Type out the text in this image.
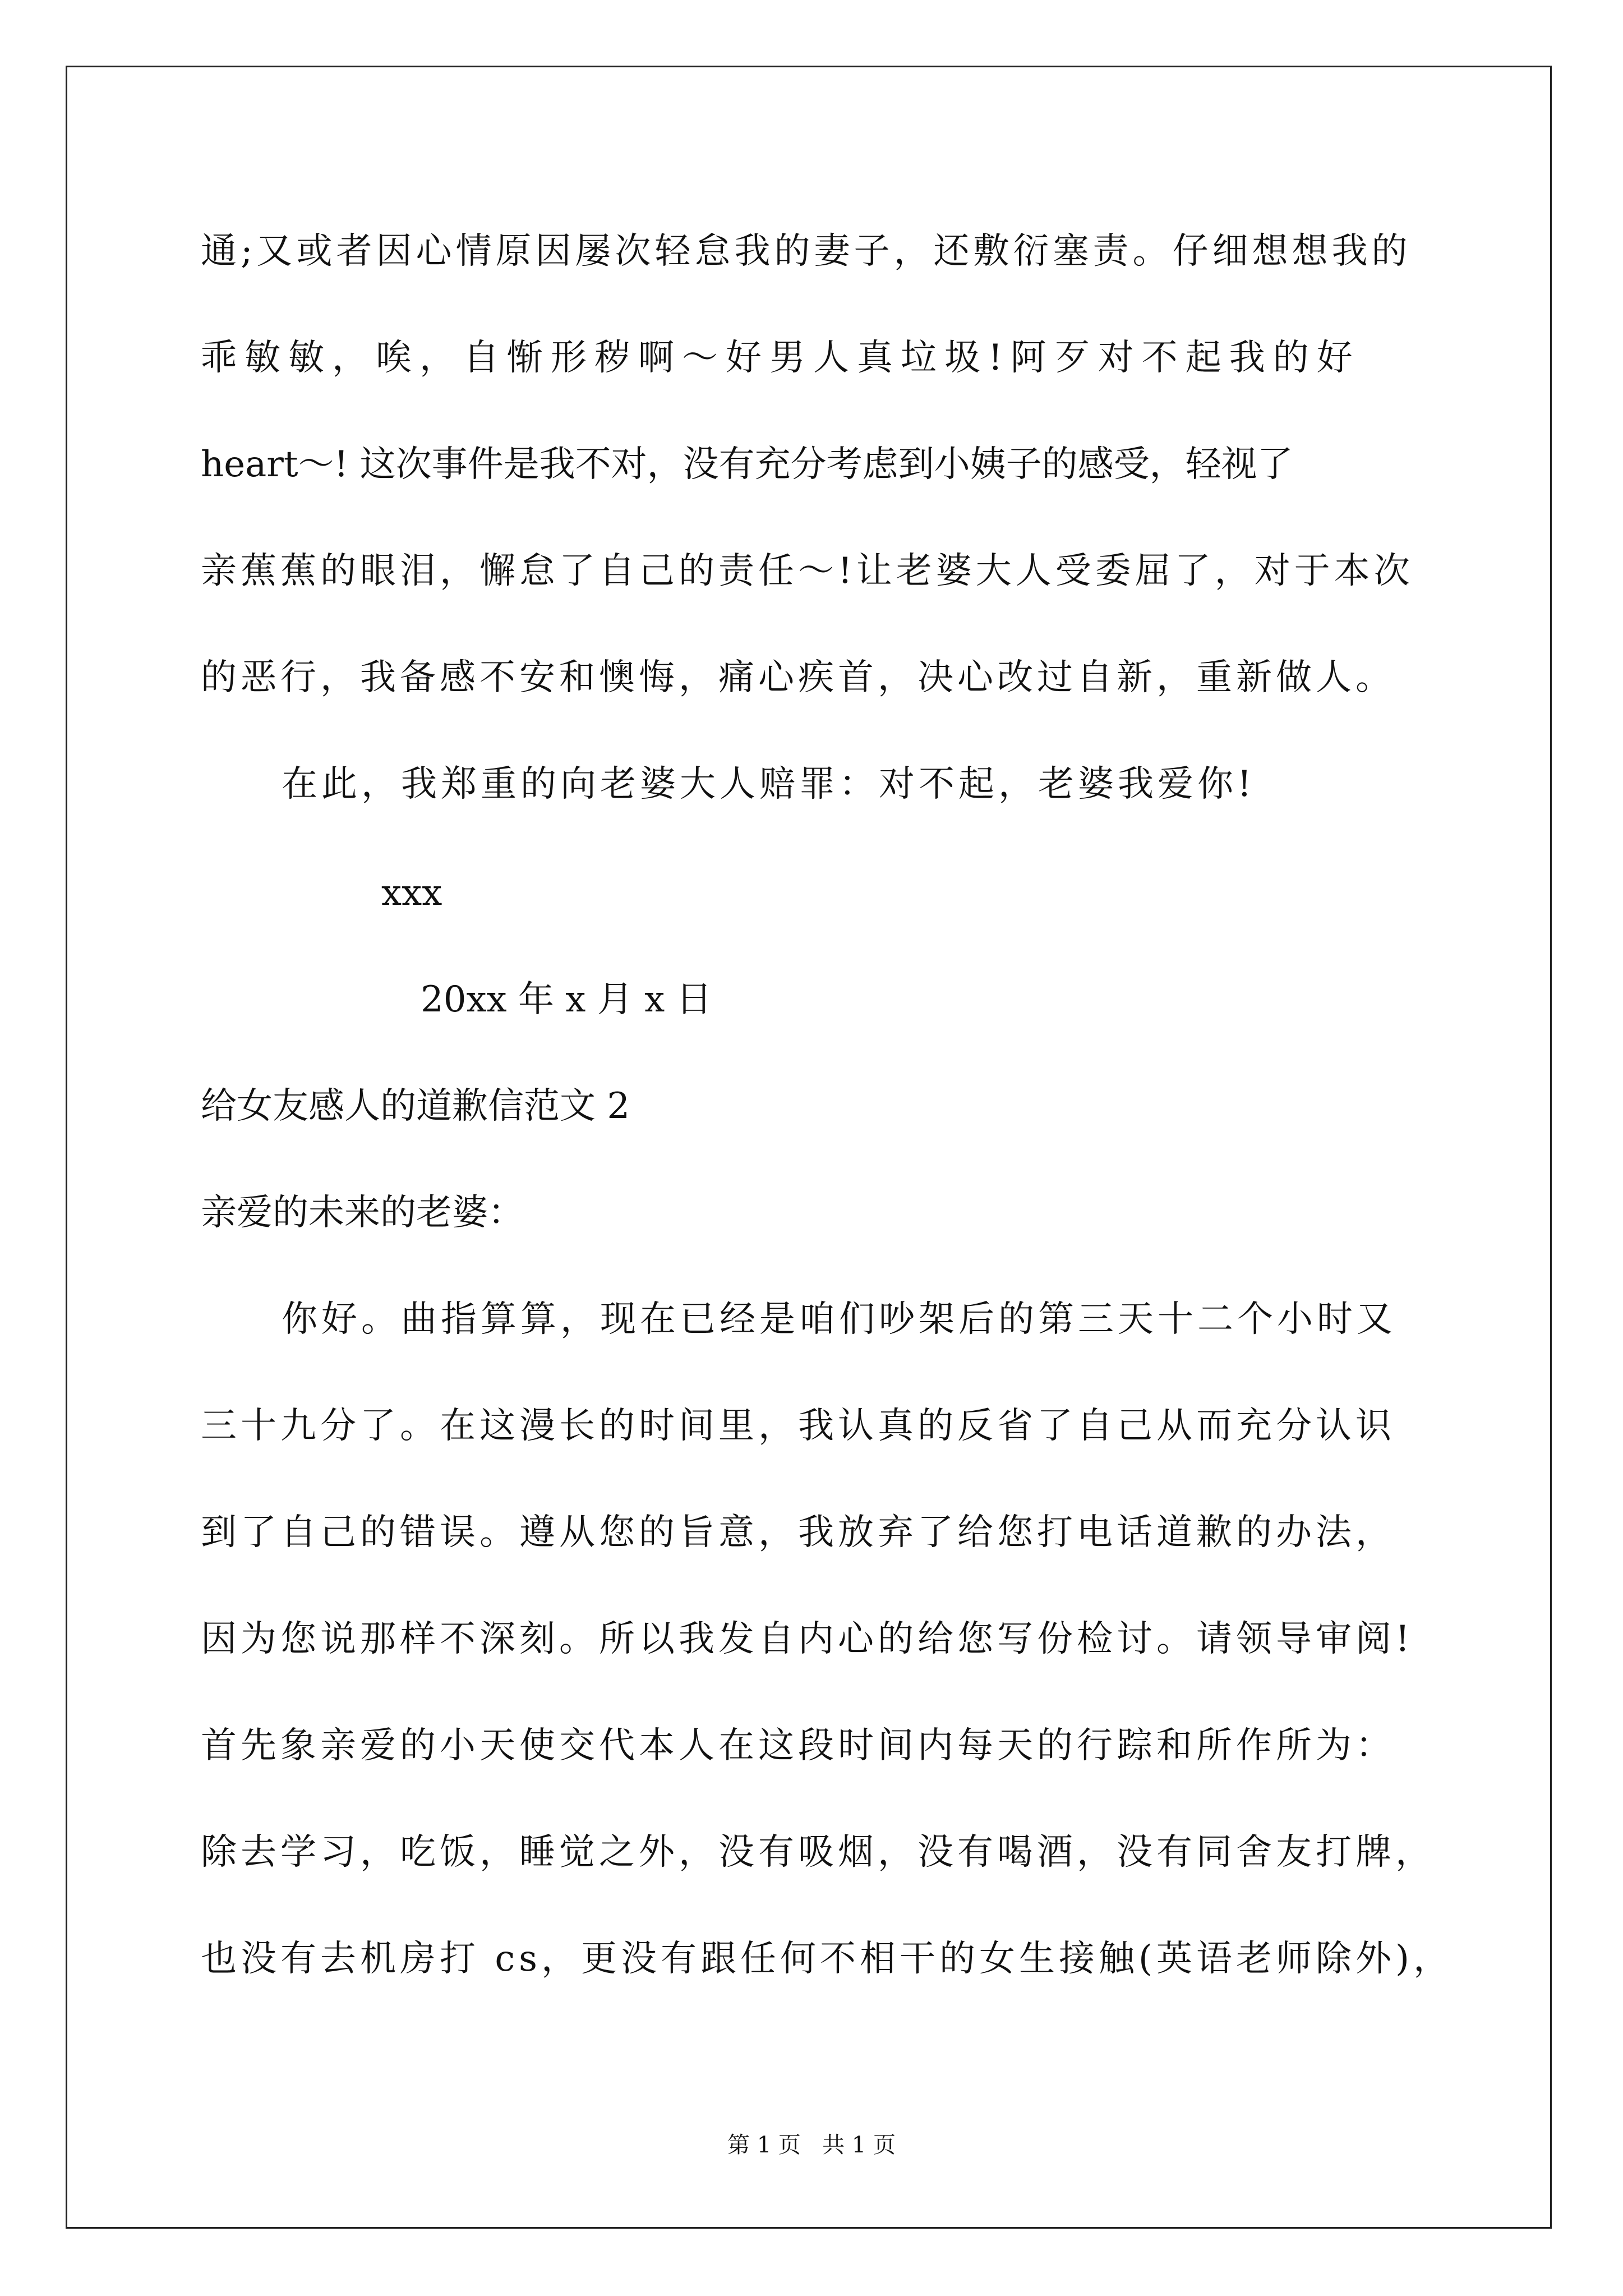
通;又或者因心情原因屡次轻怠我的妻子，还敷衍塞责。仔细想想我的
乖敏敏，唉，自惭形秽啊～好男人真垃圾!阿歹对不起我的好
heart～! 这次事件是我不对，没有充分考虑到小姨子的感受，轻视了
亲蕉蕉的眼泪，懈怠了自己的责任～!让老婆大人受委屈了，对于本次
的恶行，我备感不安和懊悔，痛心疾首，决心改过自新，重新做人。
在此，我郑重的向老婆大人赔罪：对不起，老婆我爱你!
xxx
20xx 年 x 月 x 日
给女友感人的道歉信范文 2
亲爱的未来的老婆：
你好。曲指算算，现在已经是咱们吵架后的第三天十二个小时又
三十九分了。在这漫长的时间里，我认真的反省了自己从而充分认识
到了自己的错误。遵从您的旨意，我放弃了给您打电话道歉的办法，
因为您说那样不深刻。所以我发自内心的给您写份检讨。请领导审阅!
首先象亲爱的小天使交代本人在这段时间内每天的行踪和所作所为：
除去学习，吃饭，睡觉之外，没有吸烟，没有喝酒，没有同舍友打牌，
也没有去机房打 cs，更没有跟任何不相干的女生接触(英语老师除外)，
第 1 页   共 1 页
